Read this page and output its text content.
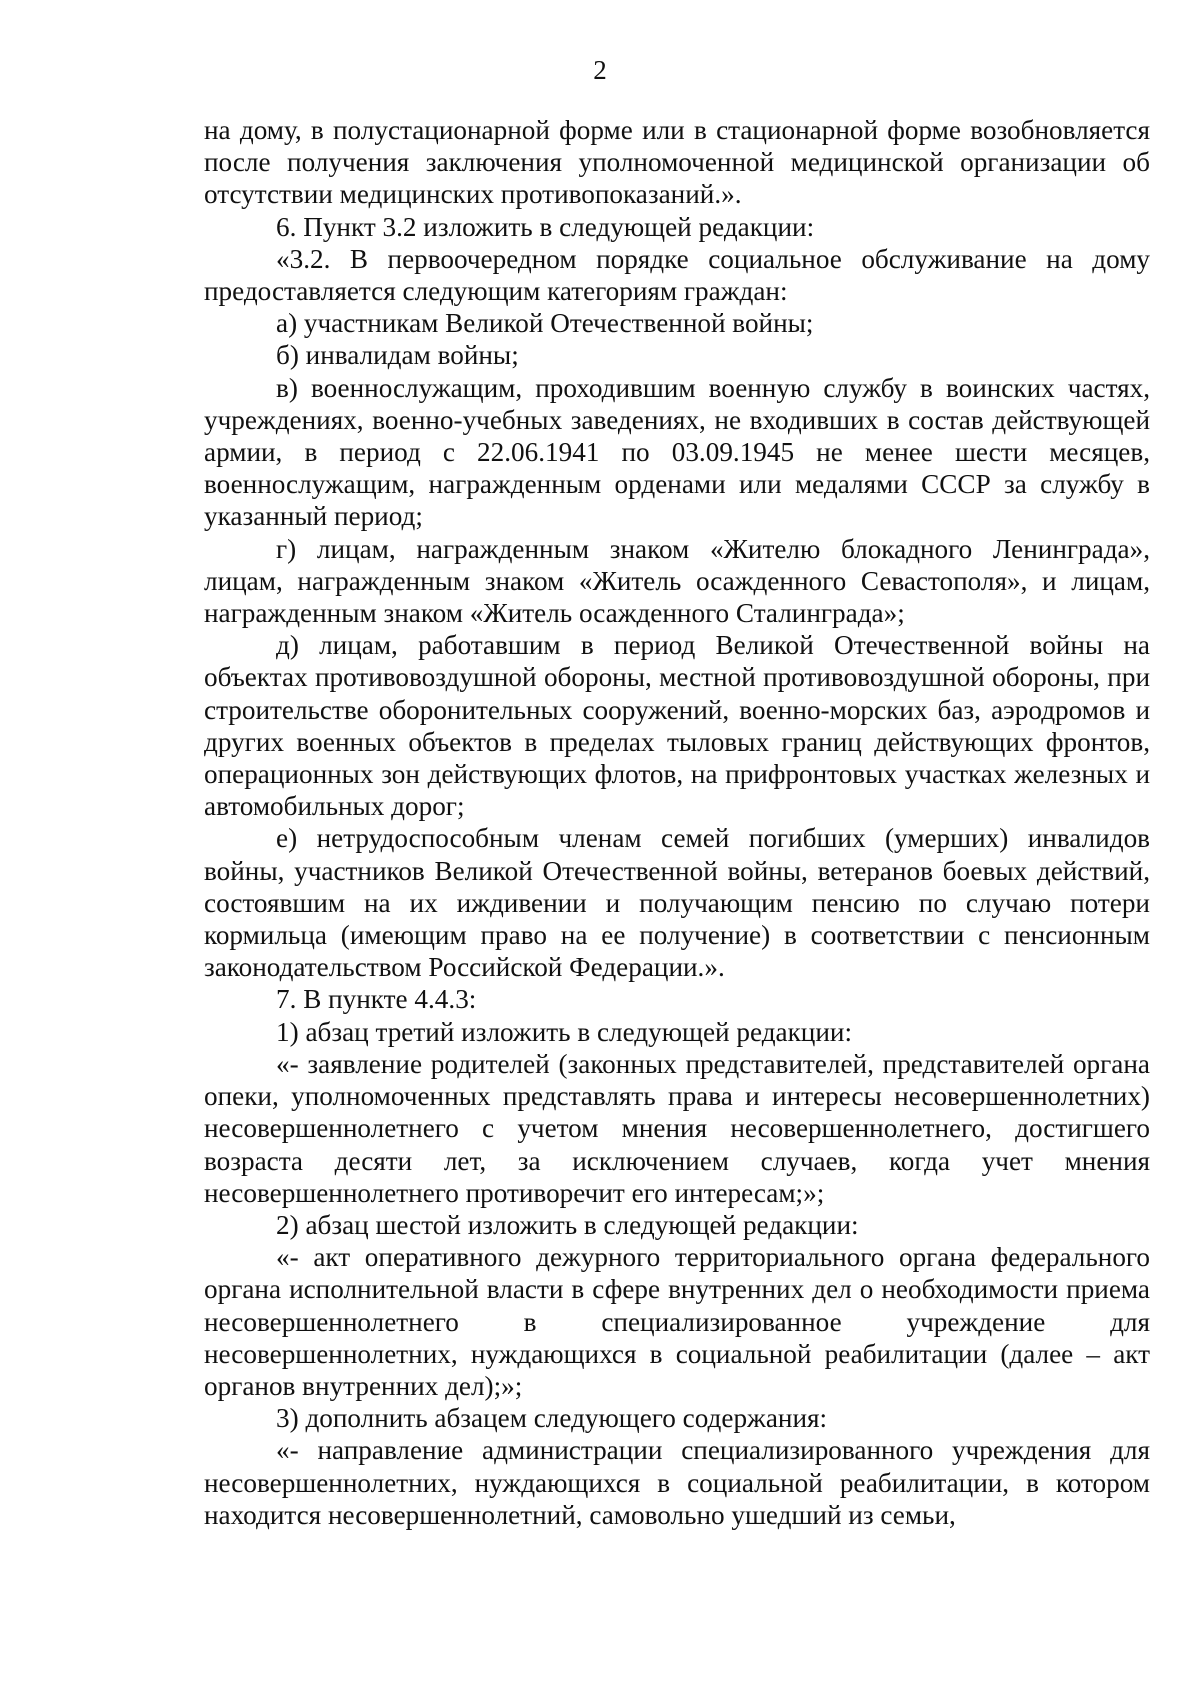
2

на дому, в полустационарной форме или в стационарной форме возобновляется после получения заключения уполномоченной медицинской организации об отсутствии медицинских противопоказаний.».

6. Пункт 3.2 изложить в следующей редакции:

«3.2. В первоочередном порядке социальное обслуживание на дому предоставляется следующим категориям граждан:

а) участникам Великой Отечественной войны;

б) инвалидам войны;

в) военнослужащим, проходившим военную службу в воинских частях, учреждениях, военно-учебных заведениях, не входивших в состав действующей армии, в период с 22.06.1941 по 03.09.1945 не менее шести месяцев, военнослужащим, награжденным орденами или медалями СССР за службу в указанный период;

г) лицам, награжденным знаком «Жителю блокадного Ленинграда», лицам, награжденным знаком «Житель осажденного Севастополя», и лицам, награжденным знаком «Житель осажденного Сталинграда»;

д) лицам, работавшим в период Великой Отечественной войны на объектах противовоздушной обороны, местной противовоздушной обороны, при строительстве оборонительных сооружений, военно-морских баз, аэродромов и других военных объектов в пределах тыловых границ действующих фронтов, операционных зон действующих флотов, на прифронтовых участках железных и автомобильных дорог;

е) нетрудоспособным членам семей погибших (умерших) инвалидов войны, участников Великой Отечественной войны, ветеранов боевых действий, состоявшим на их иждивении и получающим пенсию по случаю потери кормильца (имеющим право на ее получение) в соответствии с пенсионным законодательством Российской Федерации.».

7. В пункте 4.4.3:

1) абзац третий изложить в следующей редакции:

«- заявление родителей (законных представителей, представителей органа опеки, уполномоченных представлять права и интересы несовершеннолетних) несовершеннолетнего с учетом мнения несовершеннолетнего, достигшего возраста десяти лет, за исключением случаев, когда учет мнения несовершеннолетнего противоречит его интересам;»;

2) абзац шестой изложить в следующей редакции:

«- акт оперативного дежурного территориального органа федерального органа исполнительной власти в сфере внутренних дел о необходимости приема несовершеннолетнего в специализированное учреждение для несовершеннолетних, нуждающихся в социальной реабилитации (далее – акт органов внутренних дел);»;

3) дополнить абзацем следующего содержания:

«- направление администрации специализированного учреждения для несовершеннолетних, нуждающихся в социальной реабилитации, в котором находится несовершеннолетний, самовольно ушедший из семьи,
